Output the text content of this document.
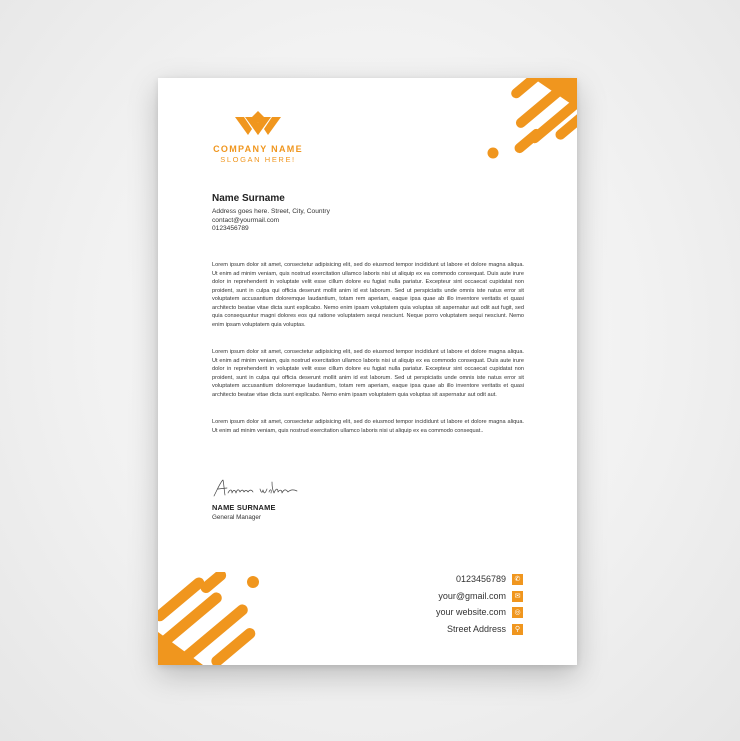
COMPANY NAME
SLOGAN HERE!
Name Surname
Address goes here. Street, City, Country
contact@yourmail.com
0123456789
Lorem ipsum dolor sit amet, consectetur adipisicing elit, sed do eiusmod tempor incididunt ut labore et dolore magna aliqua. Ut enim ad minim veniam, quis nostrud exercitation ullamco laboris nisi ut aliquip ex ea commodo consequat. Duis aute irure dolor in reprehenderit in voluptate velit esse cillum dolore eu fugiat nulla pariatur. Excepteur sint occaecat cupidatat non proident, sunt in culpa qui officia deserunt mollit anim id est laborum. Sed ut perspiciatis unde omnis iste natus error sit voluptatem accusantium doloremque laudantium, totam rem aperiam, eaque ipsa quae ab illo inventore veritatis et quasi architecto beatae vitae dicta sunt explicabo. Nemo enim ipsam voluptatem quia voluptas sit aspernatur aut odit aut fugit, sed quia consequuntur magni dolores eos qui ratione voluptatem sequi nesciunt. Neque porro voluptatem sequi nesciunt. Nemo enim ipsam voluptatem quia voluptas.
Lorem ipsum dolor sit amet, consectetur adipisicing elit, sed do eiusmod tempor incididunt ut labore et dolore magna aliqua. Ut enim ad minim veniam, quis nostrud exercitation ullamco laboris nisi ut aliquip ex ea commodo consequat. Duis aute irure dolor in reprehenderit in voluptate velit esse cillum dolore eu fugiat nulla pariatur. Excepteur sint occaecat cupidatat non proident, sunt in culpa qui officia deserunt mollit anim id est laborum. Sed ut perspiciatis unde omnis iste natus error sit voluptatem accusantium doloremque laudantium, totam rem aperiam, eaque ipsa quae ab illo inventore veritatis et quasi architecto beatae vitae dicta sunt explicabo. Nemo enim ipsam voluptatem quia voluptas sit aspernatur aut odit aut.
Lorem ipsum dolor sit amet, consectetur adipisicing elit, sed do eiusmod tempor incididunt ut labore et dolore magna aliqua. Ut enim ad minim veniam, quis nostrud exercitation ullamco laboris nisi ut aliquip ex ea commodo consequat..
NAME SURNAME
General Manager
0123456789	✆
your@gmail.com	✉
your website.com	◎
Street Address	⚲
